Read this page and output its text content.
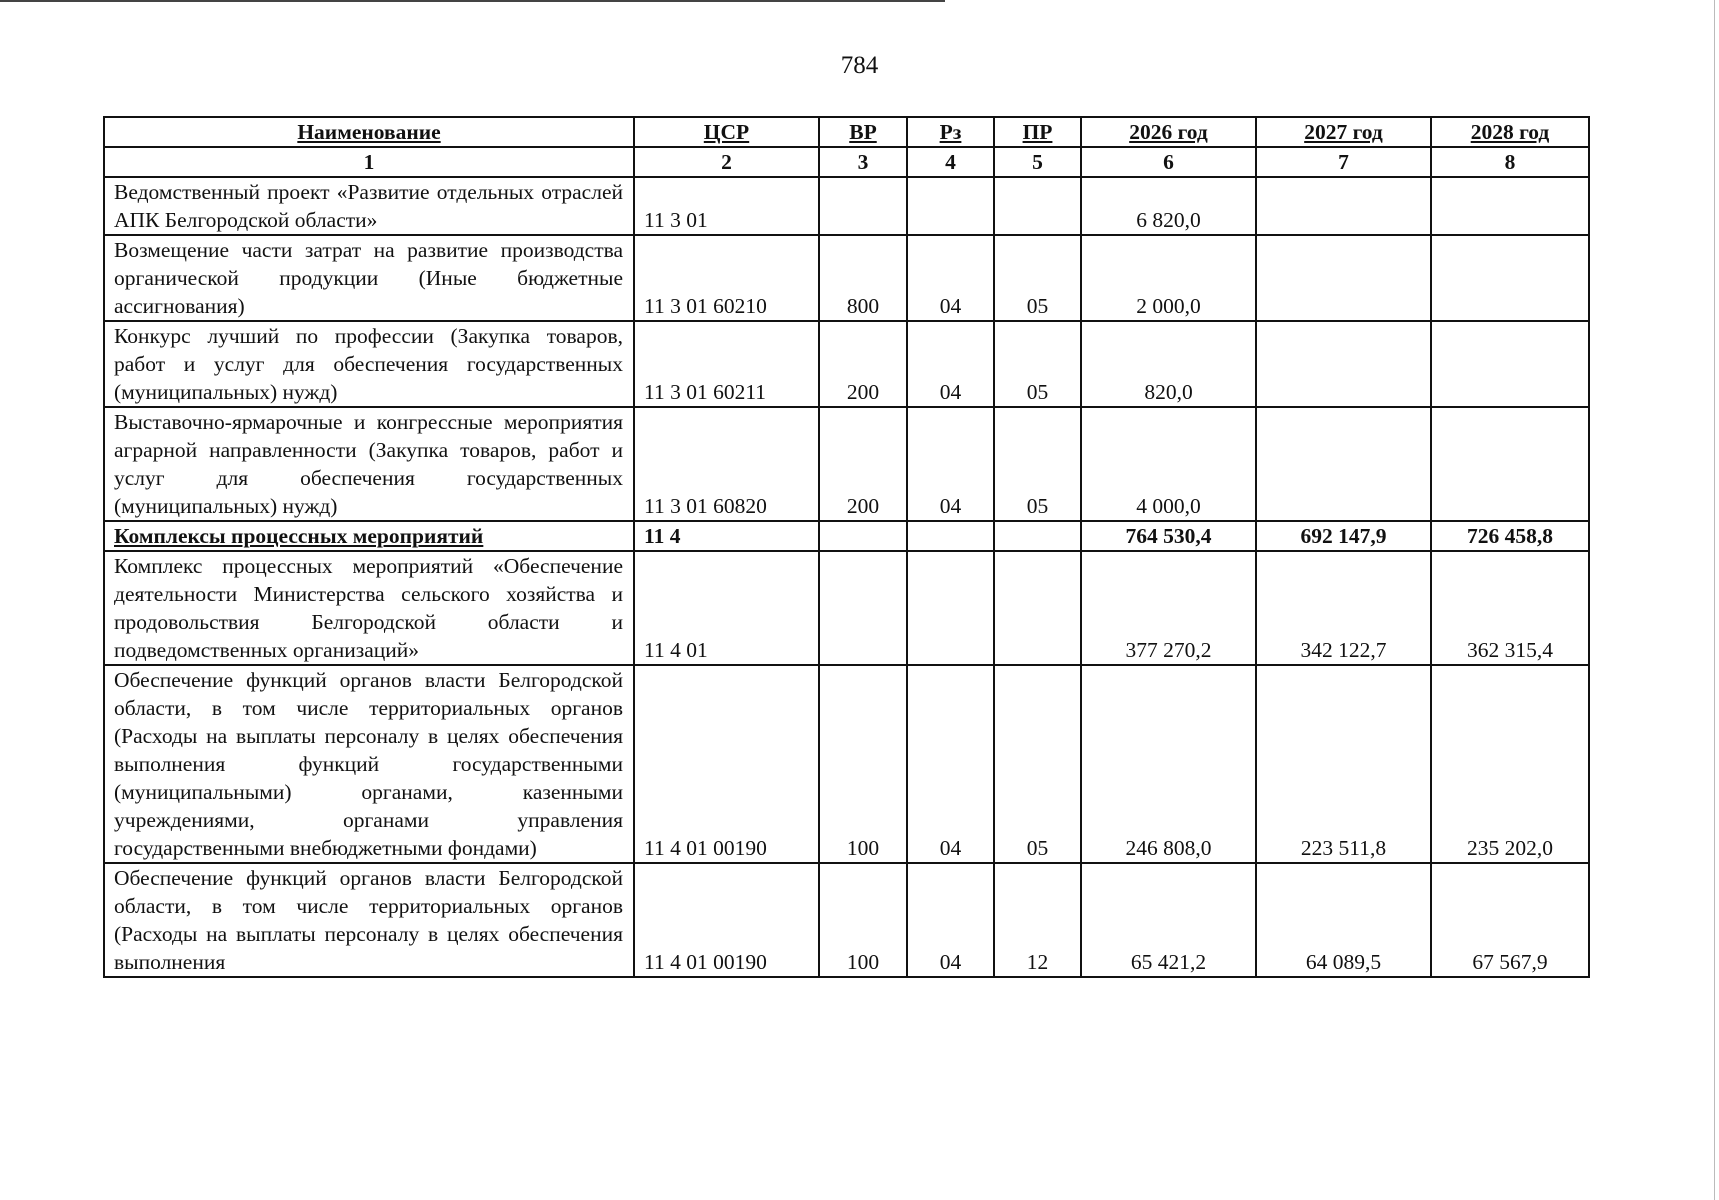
784
Наименование	ЦСР	ВР	Рз	ПР	2026 год	2027 год	2028 год
1	2	3	4	5	6	7	8
Ведомственный проект «Развитие отдельных отраслей АПК Белгородской области»	11 3 01				6 820,0		
Возмещение части затрат на развитие производства органической продукции (Иные бюджетные ассигнования)	11 3 01 60210	800	04	05	2 000,0		
Конкурс лучший по профессии (Закупка товаров, работ и услуг для обеспечения государственных (муниципальных) нужд)	11 3 01 60211	200	04	05	820,0		
Выставочно-ярмарочные и конгрессные мероприятия аграрной направленности (Закупка товаров, работ и услуг для обеспечения государственных (муниципальных) нужд)	11 3 01 60820	200	04	05	4 000,0		
Комплексы процессных мероприятий	11 4				764 530,4	692 147,9	726 458,8
Комплекс процессных мероприятий «Обеспечение деятельности Министерства сельского хозяйства и продовольствия Белгородской области и подведомственных организаций»	11 4 01				377 270,2	342 122,7	362 315,4
Обеспечение функций органов власти Белгородской области, в том числе территориальных органов (Расходы на выплаты персоналу в целях обеспечения выполнения функций государственными (муниципальными) органами, казенными учреждениями, органами управления государственными внебюджетными фондами)	11 4 01 00190	100	04	05	246 808,0	223 511,8	235 202,0
Обеспечение функций органов власти Белгородской области, в том числе территориальных органов (Расходы на выплаты персоналу в целях обеспечения выполнения	11 4 01 00190	100	04	12	65 421,2	64 089,5	67 567,9
